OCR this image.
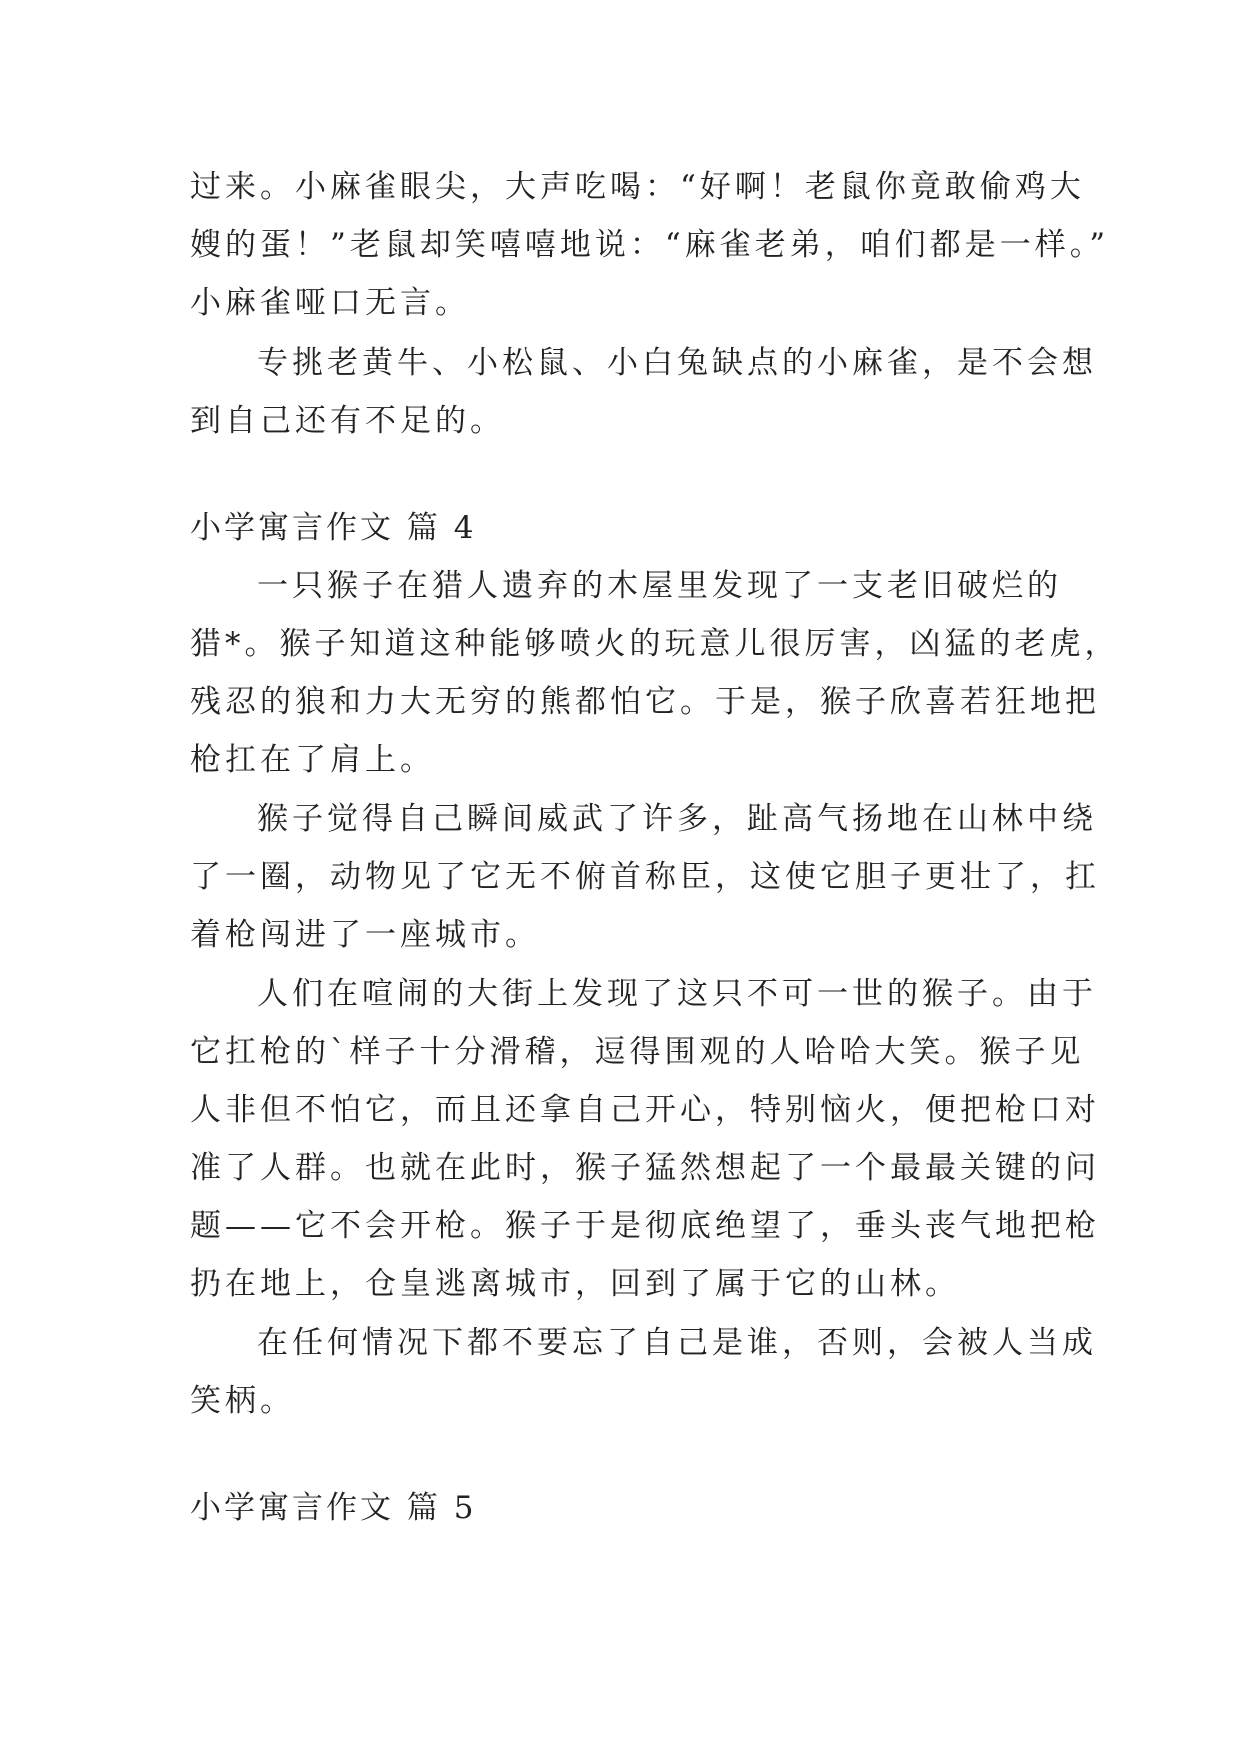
过来。小麻雀眼尖，大声吃喝：“好啊！老鼠你竟敢偷鸡大
嫂的蛋！”老鼠却笑嘻嘻地说：“麻雀老弟，咱们都是一样。”
小麻雀哑口无言。
专挑老黄牛、小松鼠、小白兔缺点的小麻雀，是不会想
到自己还有不足的。
小学寓言作文 篇 4
一只猴子在猎人遗弃的木屋里发现了一支老旧破烂的
猎*。猴子知道这种能够喷火的玩意儿很厉害，凶猛的老虎，
残忍的狼和力大无穷的熊都怕它。于是，猴子欣喜若狂地把
枪扛在了肩上。
猴子觉得自己瞬间威武了许多，趾高气扬地在山林中绕
了一圈，动物见了它无不俯首称臣，这使它胆子更壮了，扛
着枪闯进了一座城市。
人们在喧闹的大街上发现了这只不可一世的猴子。由于
它扛枪的`样子十分滑稽，逗得围观的人哈哈大笑。猴子见
人非但不怕它，而且还拿自己开心，特别恼火，便把枪口对
准了人群。也就在此时，猴子猛然想起了一个最最关键的问
题——它不会开枪。猴子于是彻底绝望了，垂头丧气地把枪
扔在地上，仓皇逃离城市，回到了属于它的山林。
在任何情况下都不要忘了自己是谁，否则，会被人当成
笑柄。
小学寓言作文 篇 5
